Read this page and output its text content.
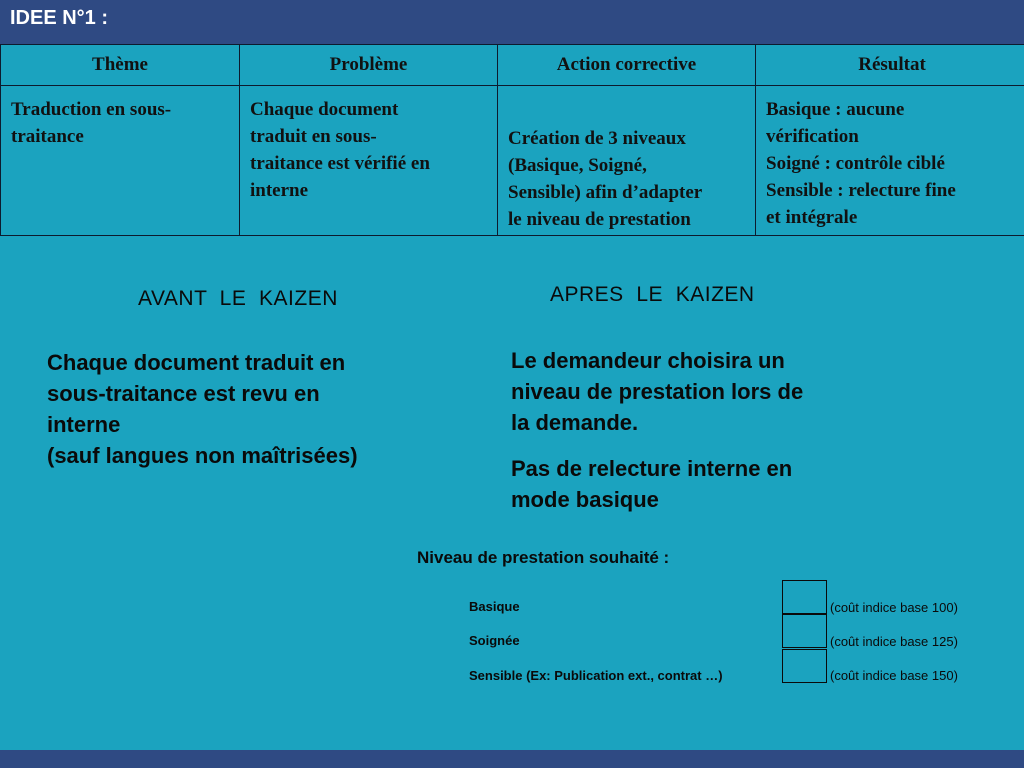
IDEE N°1 :
Thème	Problème	Action corrective	Résultat
Traduction en sous-
traitance	Chaque document
traduit en sous-
traitance est vérifié en
interne	Création de 3 niveaux
(Basique, Soigné,
Sensible) afin d’adapter
le niveau de prestation	Basique : aucune
vérification
Soigné : contrôle ciblé
Sensible : relecture fine
et intégrale
AVANT  LE  KAIZEN
Chaque document traduit en
sous-traitance est revu en
interne
(sauf langues non maîtrisées)
APRES  LE  KAIZEN
Le demandeur choisira un
niveau de prestation lors de
la demande.
Pas de relecture interne en
mode basique
Niveau de prestation souhaité :
Basique	(coût indice base 100)
Soignée	(coût indice base 125)
Sensible (Ex: Publication ext., contrat …)	(coût indice base 150)
